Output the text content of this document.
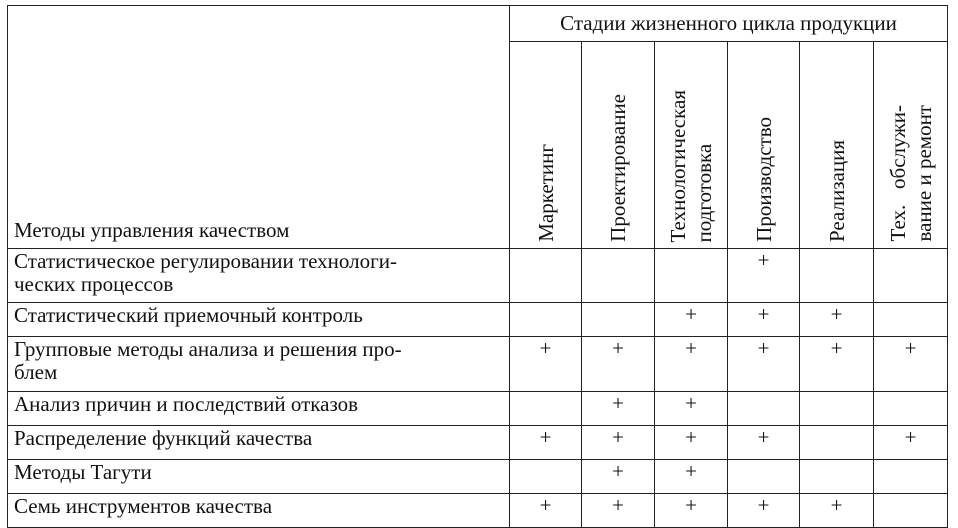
Методы управления качеством	Стадии жизненного цикла продукции					

	Маркетинг	Проектирование	Технологическая
подготовка	Производство	Реализация	Тех.   обслужи-
вание и ремонт

Статистическое регулировании технологи-
ческих процессов				+		
Статистический приемочный контроль			+	+	+	

Групповые методы анализа и решения про-
блем	+	+	+	+	+	+
Анализ причин и последствий отказов		+	+			
Распределение функций качества	+	+	+	+		+
Методы Тагути		+	+			
Семь инструментов качества	+	+	+	+	+	
